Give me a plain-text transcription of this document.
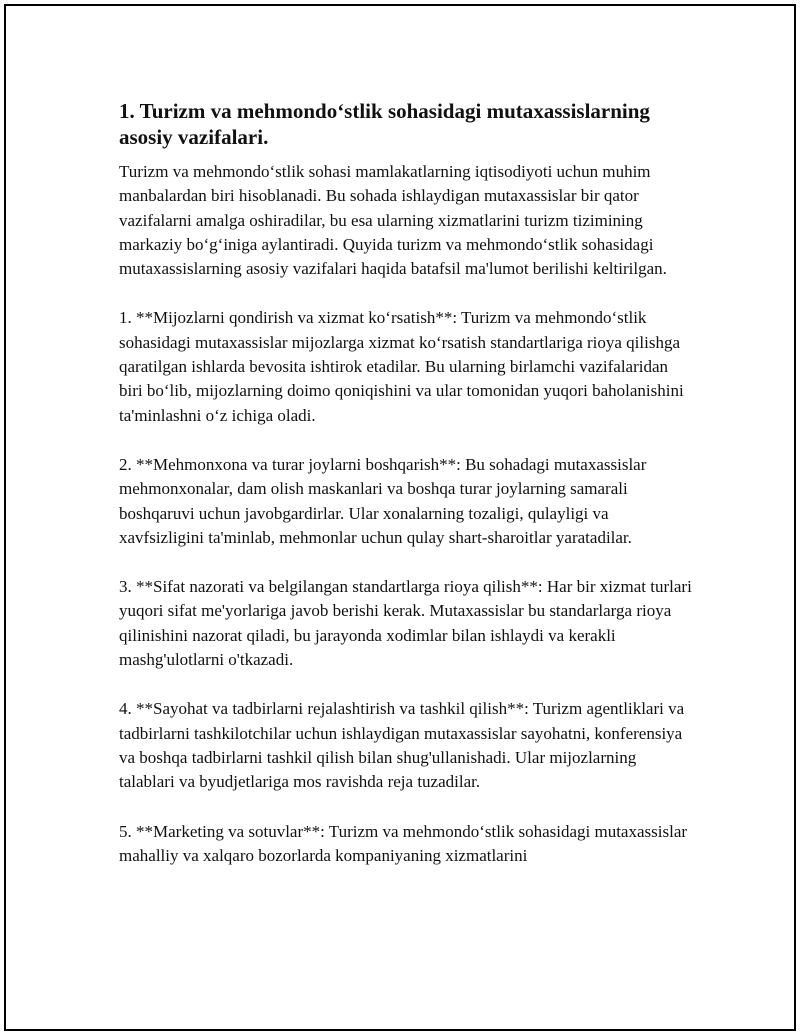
1. Turizm va mehmondo‘stlik sohasidagi mutaxassislarning asosiy vazifalari.

Turizm va mehmondo‘stlik sohasi mamlakatlarning iqtisodiyoti uchun muhim manbalardan biri hisoblanadi. Bu sohada ishlaydigan mutaxassislar bir qator vazifalarni amalga oshiradilar, bu esa ularning xizmatlarini turizm tizimining markaziy bo‘g‘iniga aylantiradi. Quyida turizm va mehmondo‘stlik sohasidagi mutaxassislarning asosiy vazifalari haqida batafsil ma'lumot berilishi keltirilgan.

1. **Mijozlarni qondirish va xizmat ko‘rsatish**: Turizm va mehmondo‘stlik sohasidagi mutaxassislar mijozlarga xizmat ko‘rsatish standartlariga rioya qilishga qaratilgan ishlarda bevosita ishtirok etadilar. Bu ularning birlamchi vazifalaridan biri bo‘lib, mijozlarning doimo qoniqishini va ular tomonidan yuqori baholanishini ta'minlashni o‘z ichiga oladi.

2. **Mehmonxona va turar joylarni boshqarish**: Bu sohadagi mutaxassislar mehmonxonalar, dam olish maskanlari va boshqa turar joylarning samarali boshqaruvi uchun javobgardirlar. Ular xonalarning tozaligi, qulayligi va xavfsizligini ta'minlab, mehmonlar uchun qulay shart-sharoitlar yaratadilar.

3. **Sifat nazorati va belgilangan standartlarga rioya qilish**: Har bir xizmat turlari yuqori sifat me'yorlariga javob berishi kerak. Mutaxassislar bu standarlarga rioya qilinishini nazorat qiladi, bu jarayonda xodimlar bilan ishlaydi va kerakli mashg'ulotlarni o'tkazadi.

4. **Sayohat va tadbirlarni rejalashtirish va tashkil qilish**: Turizm agentliklari va tadbirlarni tashkilotchilar uchun ishlaydigan mutaxassislar sayohatni, konferensiya va boshqa tadbirlarni tashkil qilish bilan shug'ullanishadi. Ular mijozlarning talablari va byudjetlariga mos ravishda reja tuzadilar.

5. **Marketing va sotuvlar**: Turizm va mehmondo‘stlik sohasidagi mutaxassislar mahalliy va xalqaro bozorlarda kompaniyaning xizmatlarini
